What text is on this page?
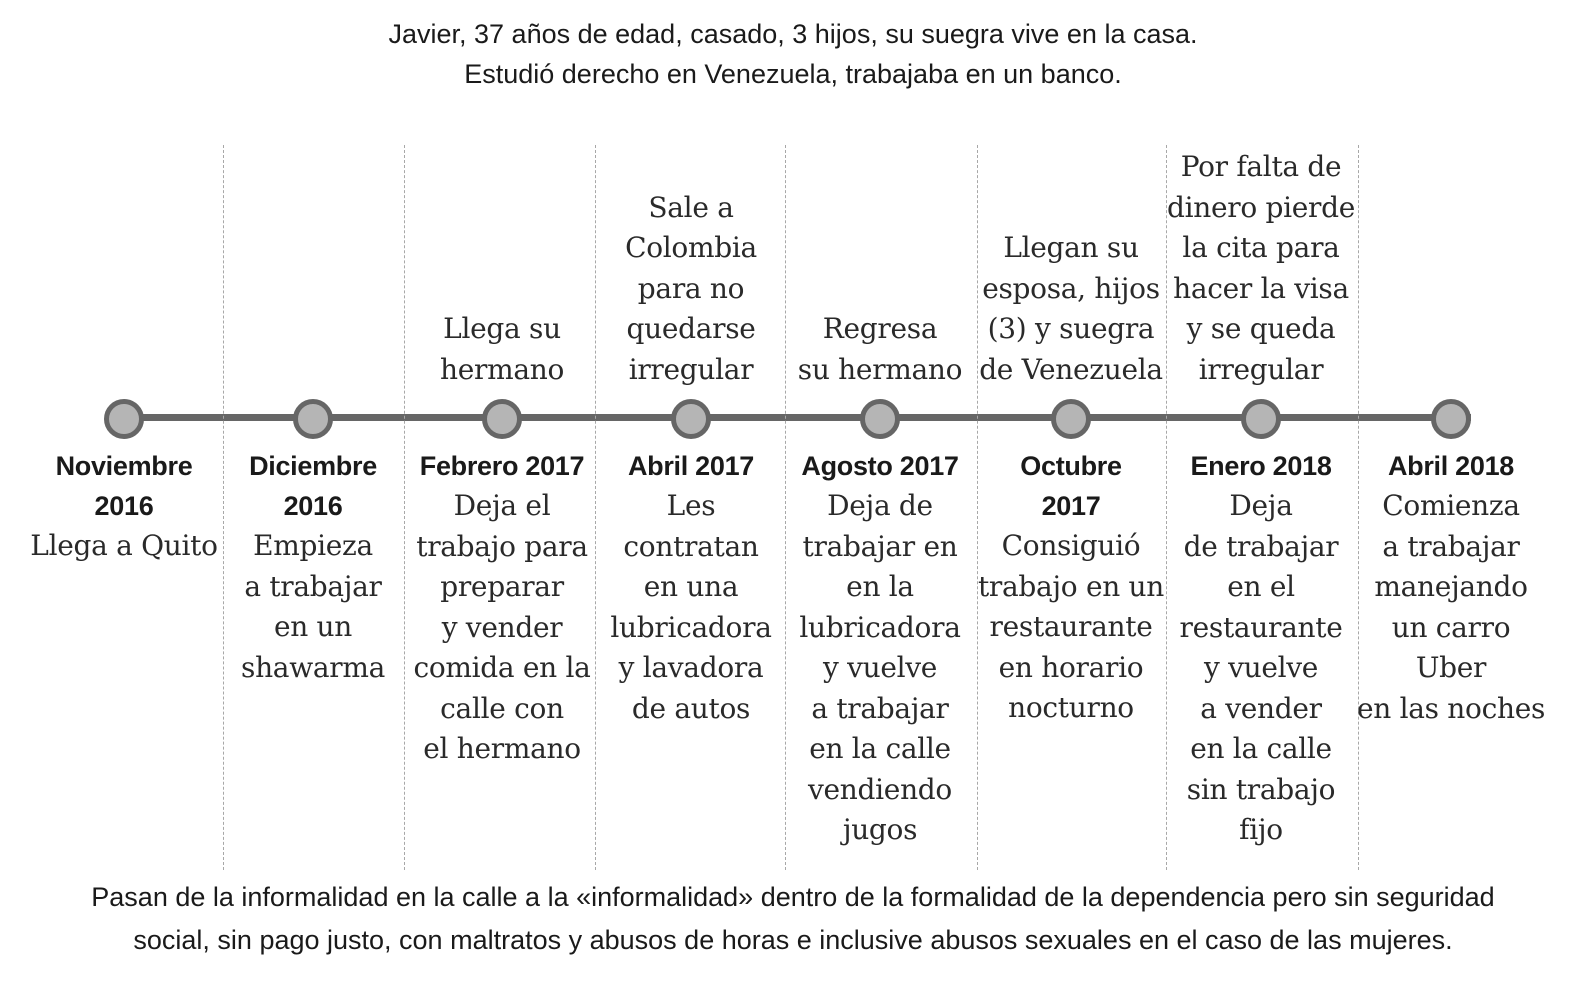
Javier, 37 años de edad, casado, 3 hijos, su suegra vive en la casa.
Estudió derecho en Venezuela, trabajaba en un banco.
Noviembre
2016
Llega a Quito
Diciembre
2016
Empieza
a trabajar
en un
shawarma
Llega su
hermano
Febrero 2017
Deja el
trabajo para
preparar
y vender
comida en la
calle con
el hermano
Sale a
Colombia
para no
quedarse
irregular
Abril 2017
Les
contratan
en una
lubricadora
y lavadora
de autos
Regresa
su hermano
Agosto 2017
Deja de
trabajar en
en la
lubricadora
y vuelve
a trabajar
en la calle
vendiendo
jugos
Llegan su
esposa, hijos
(3) y suegra
de Venezuela
Octubre
2017
Consiguió
trabajo en un
restaurante
en horario
nocturno
Por falta de
dinero pierde
la cita para
hacer la visa
y se queda
irregular
Enero 2018
Deja
de trabajar
en el
restaurante
y vuelve
a vender
en la calle
sin trabajo
fijo
Abril 2018
Comienza
a trabajar
manejando
un carro
Uber
en las noches
Pasan de la informalidad en la calle a la «informalidad» dentro de la formalidad de la dependencia pero sin seguridad
social, sin pago justo, con maltratos y abusos de horas e inclusive abusos sexuales en el caso de las mujeres.
